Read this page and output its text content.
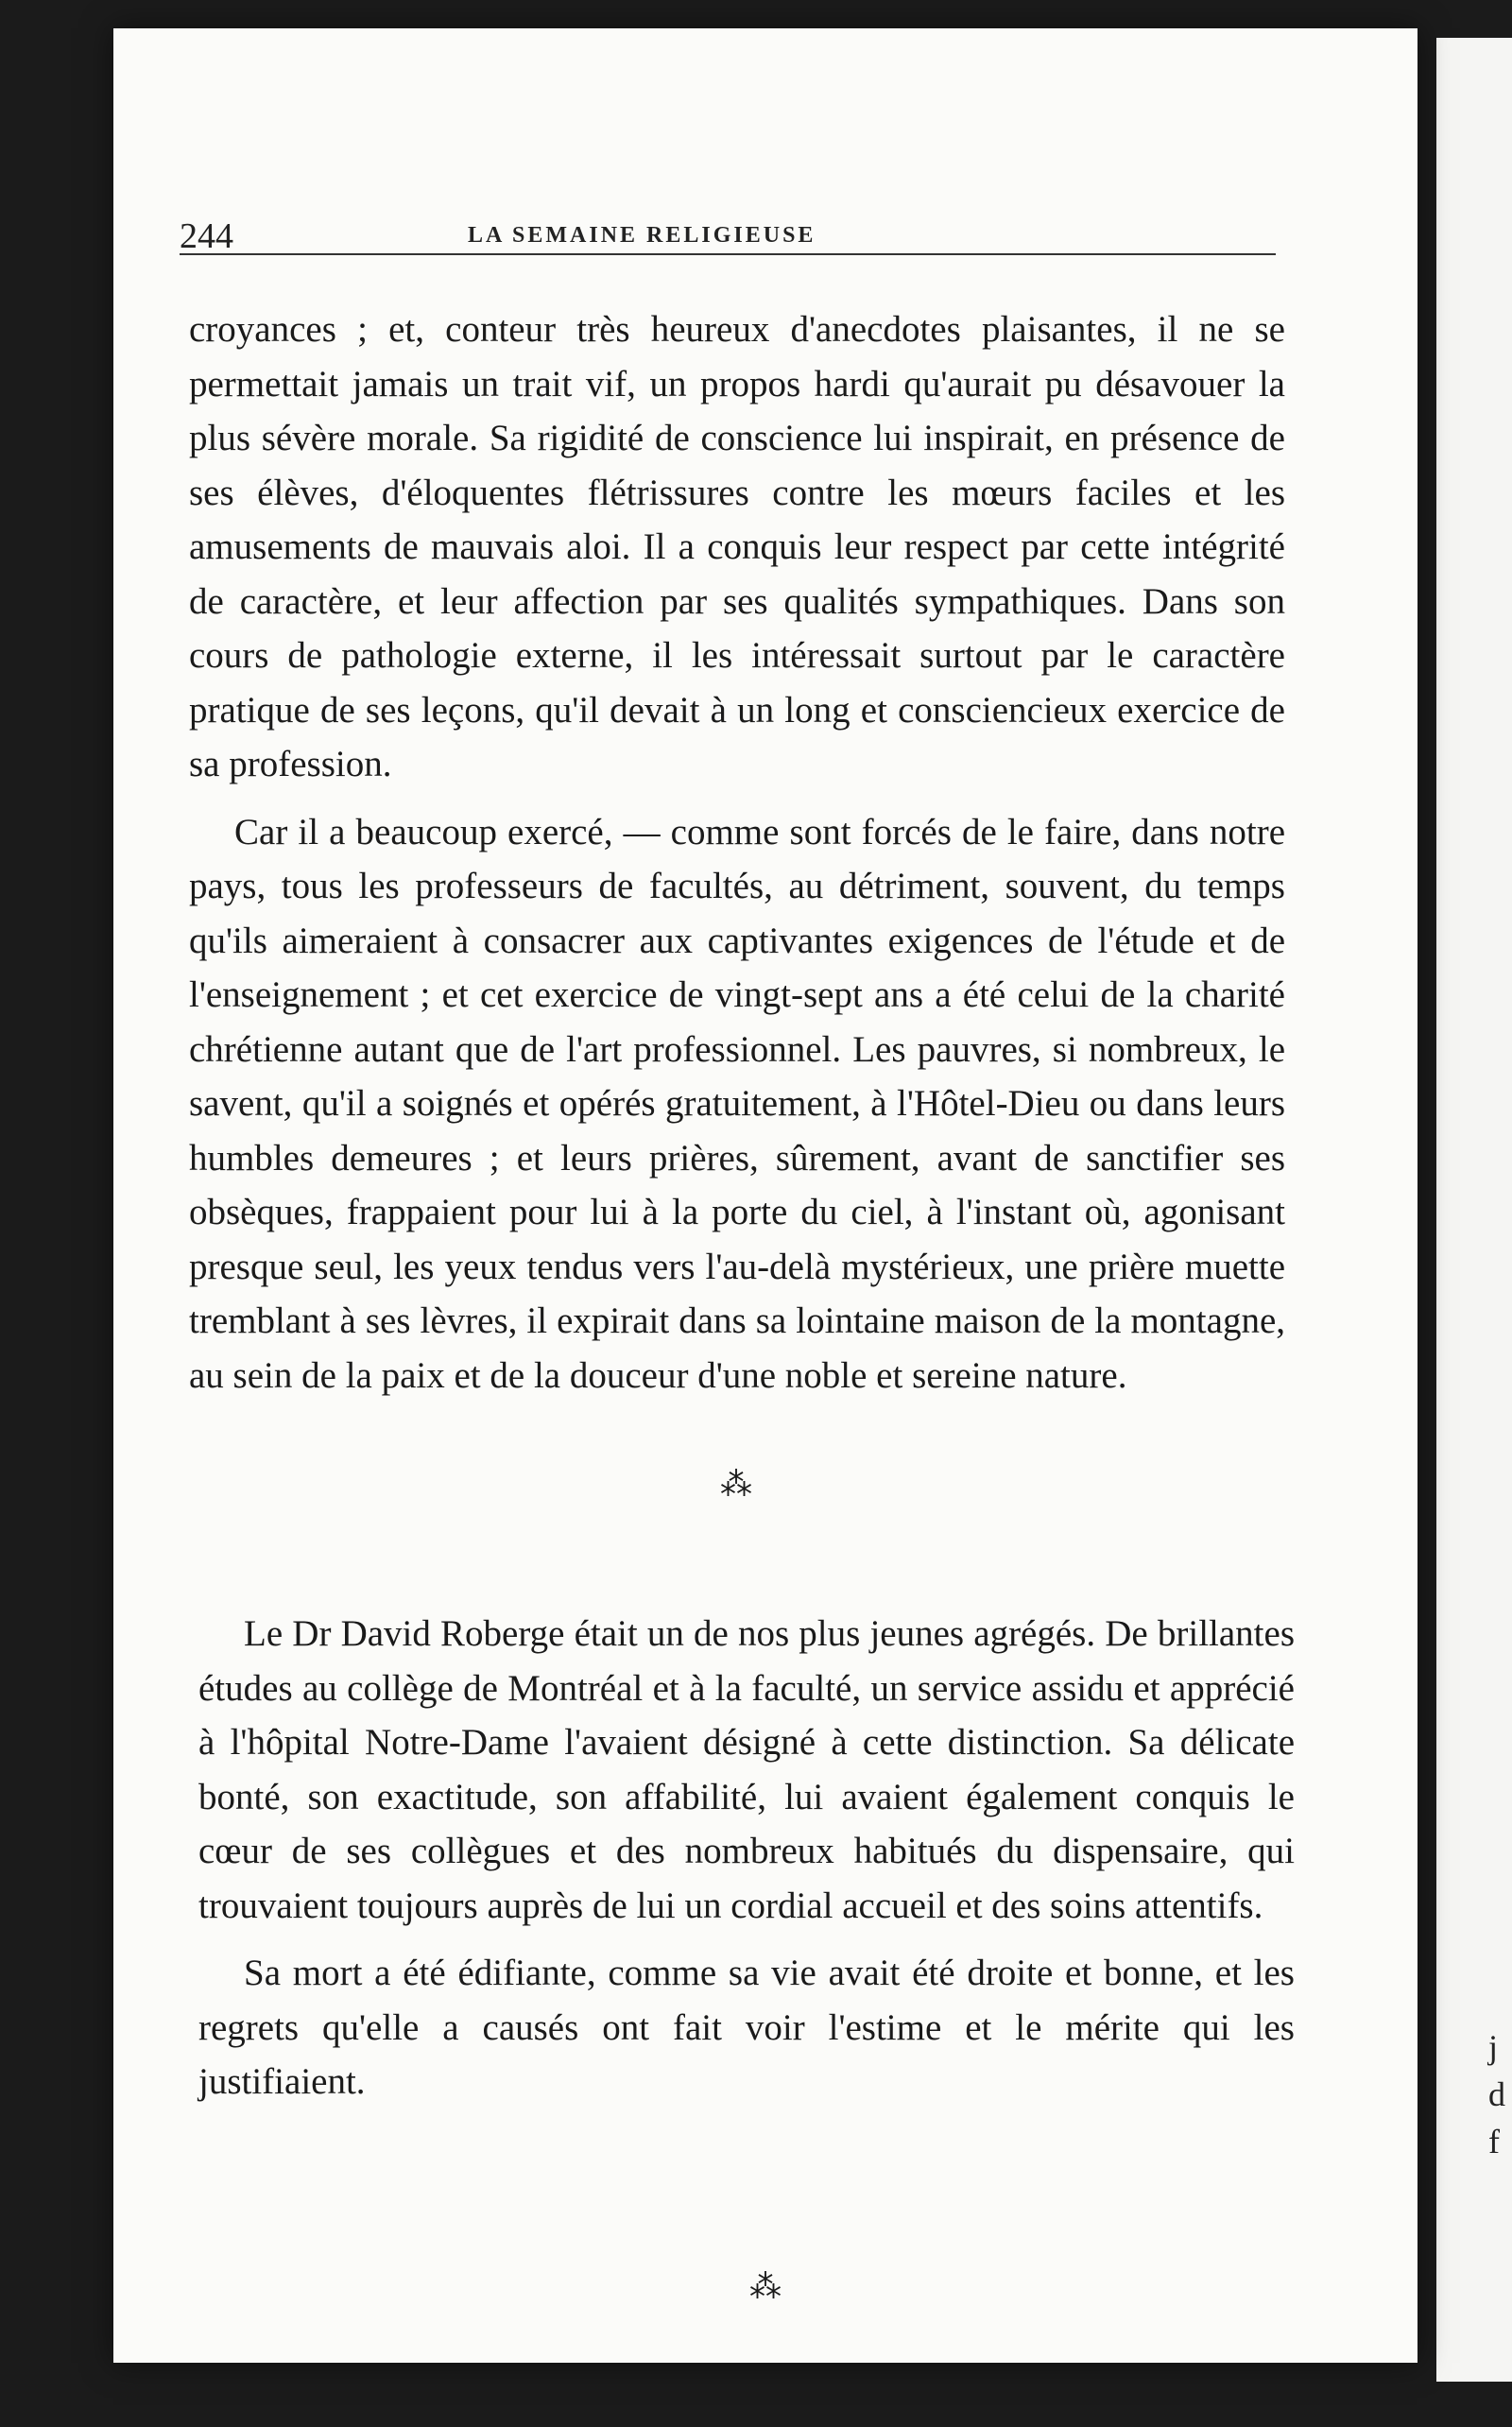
j
d
f
244	LA SEMAINE RELIGIEUSE

croyances ; et, conteur très heureux d'anecdotes plaisantes, il ne se permettait jamais un trait vif, un propos hardi qu'aurait pu désavouer la plus sévère morale. Sa rigidité de conscience lui inspirait, en présence de ses élèves, d'éloquentes flétrissures contre les mœurs faciles et les amusements de mauvais aloi. Il a conquis leur respect par cette intégrité de caractère, et leur affection par ses qualités sympathiques. Dans son cours de pathologie externe, il les intéressait surtout par le caractère pratique de ses leçons, qu'il devait à un long et consciencieux exercice de sa profession.

Car il a beaucoup exercé, — comme sont forcés de le faire, dans notre pays, tous les professeurs de facultés, au détriment, souvent, du temps qu'ils aimeraient à consacrer aux captivantes exigences de l'étude et de l'enseignement ; et cet exercice de vingt-sept ans a été celui de la charité chrétienne autant que de l'art professionnel. Les pauvres, si nombreux, le savent, qu'il a soignés et opérés gratuitement, à l'Hôtel-Dieu ou dans leurs humbles demeures ; et leurs prières, sûrement, avant de sanctifier ses obsèques, frappaient pour lui à la porte du ciel, à l'instant où, agonisant presque seul, les yeux tendus vers l'au-delà mystérieux, une prière muette tremblant à ses lèvres, il expirait dans sa lointaine maison de la montagne, au sein de la paix et de la douceur d'une noble et sereine nature.

⁂

Le Dr David Roberge était un de nos plus jeunes agrégés. De brillantes études au collège de Montréal et à la faculté, un service assidu et apprécié à l'hôpital Notre-Dame l'avaient désigné à cette distinction. Sa délicate bonté, son exactitude, son affabilité, lui avaient également conquis le cœur de ses collègues et des nombreux habitués du dispensaire, qui trouvaient toujours auprès de lui un cordial accueil et des soins attentifs.

Sa mort a été édifiante, comme sa vie avait été droite et bonne, et les regrets qu'elle a causés ont fait voir l'estime et le mérite qui les justifiaient.

⁂
